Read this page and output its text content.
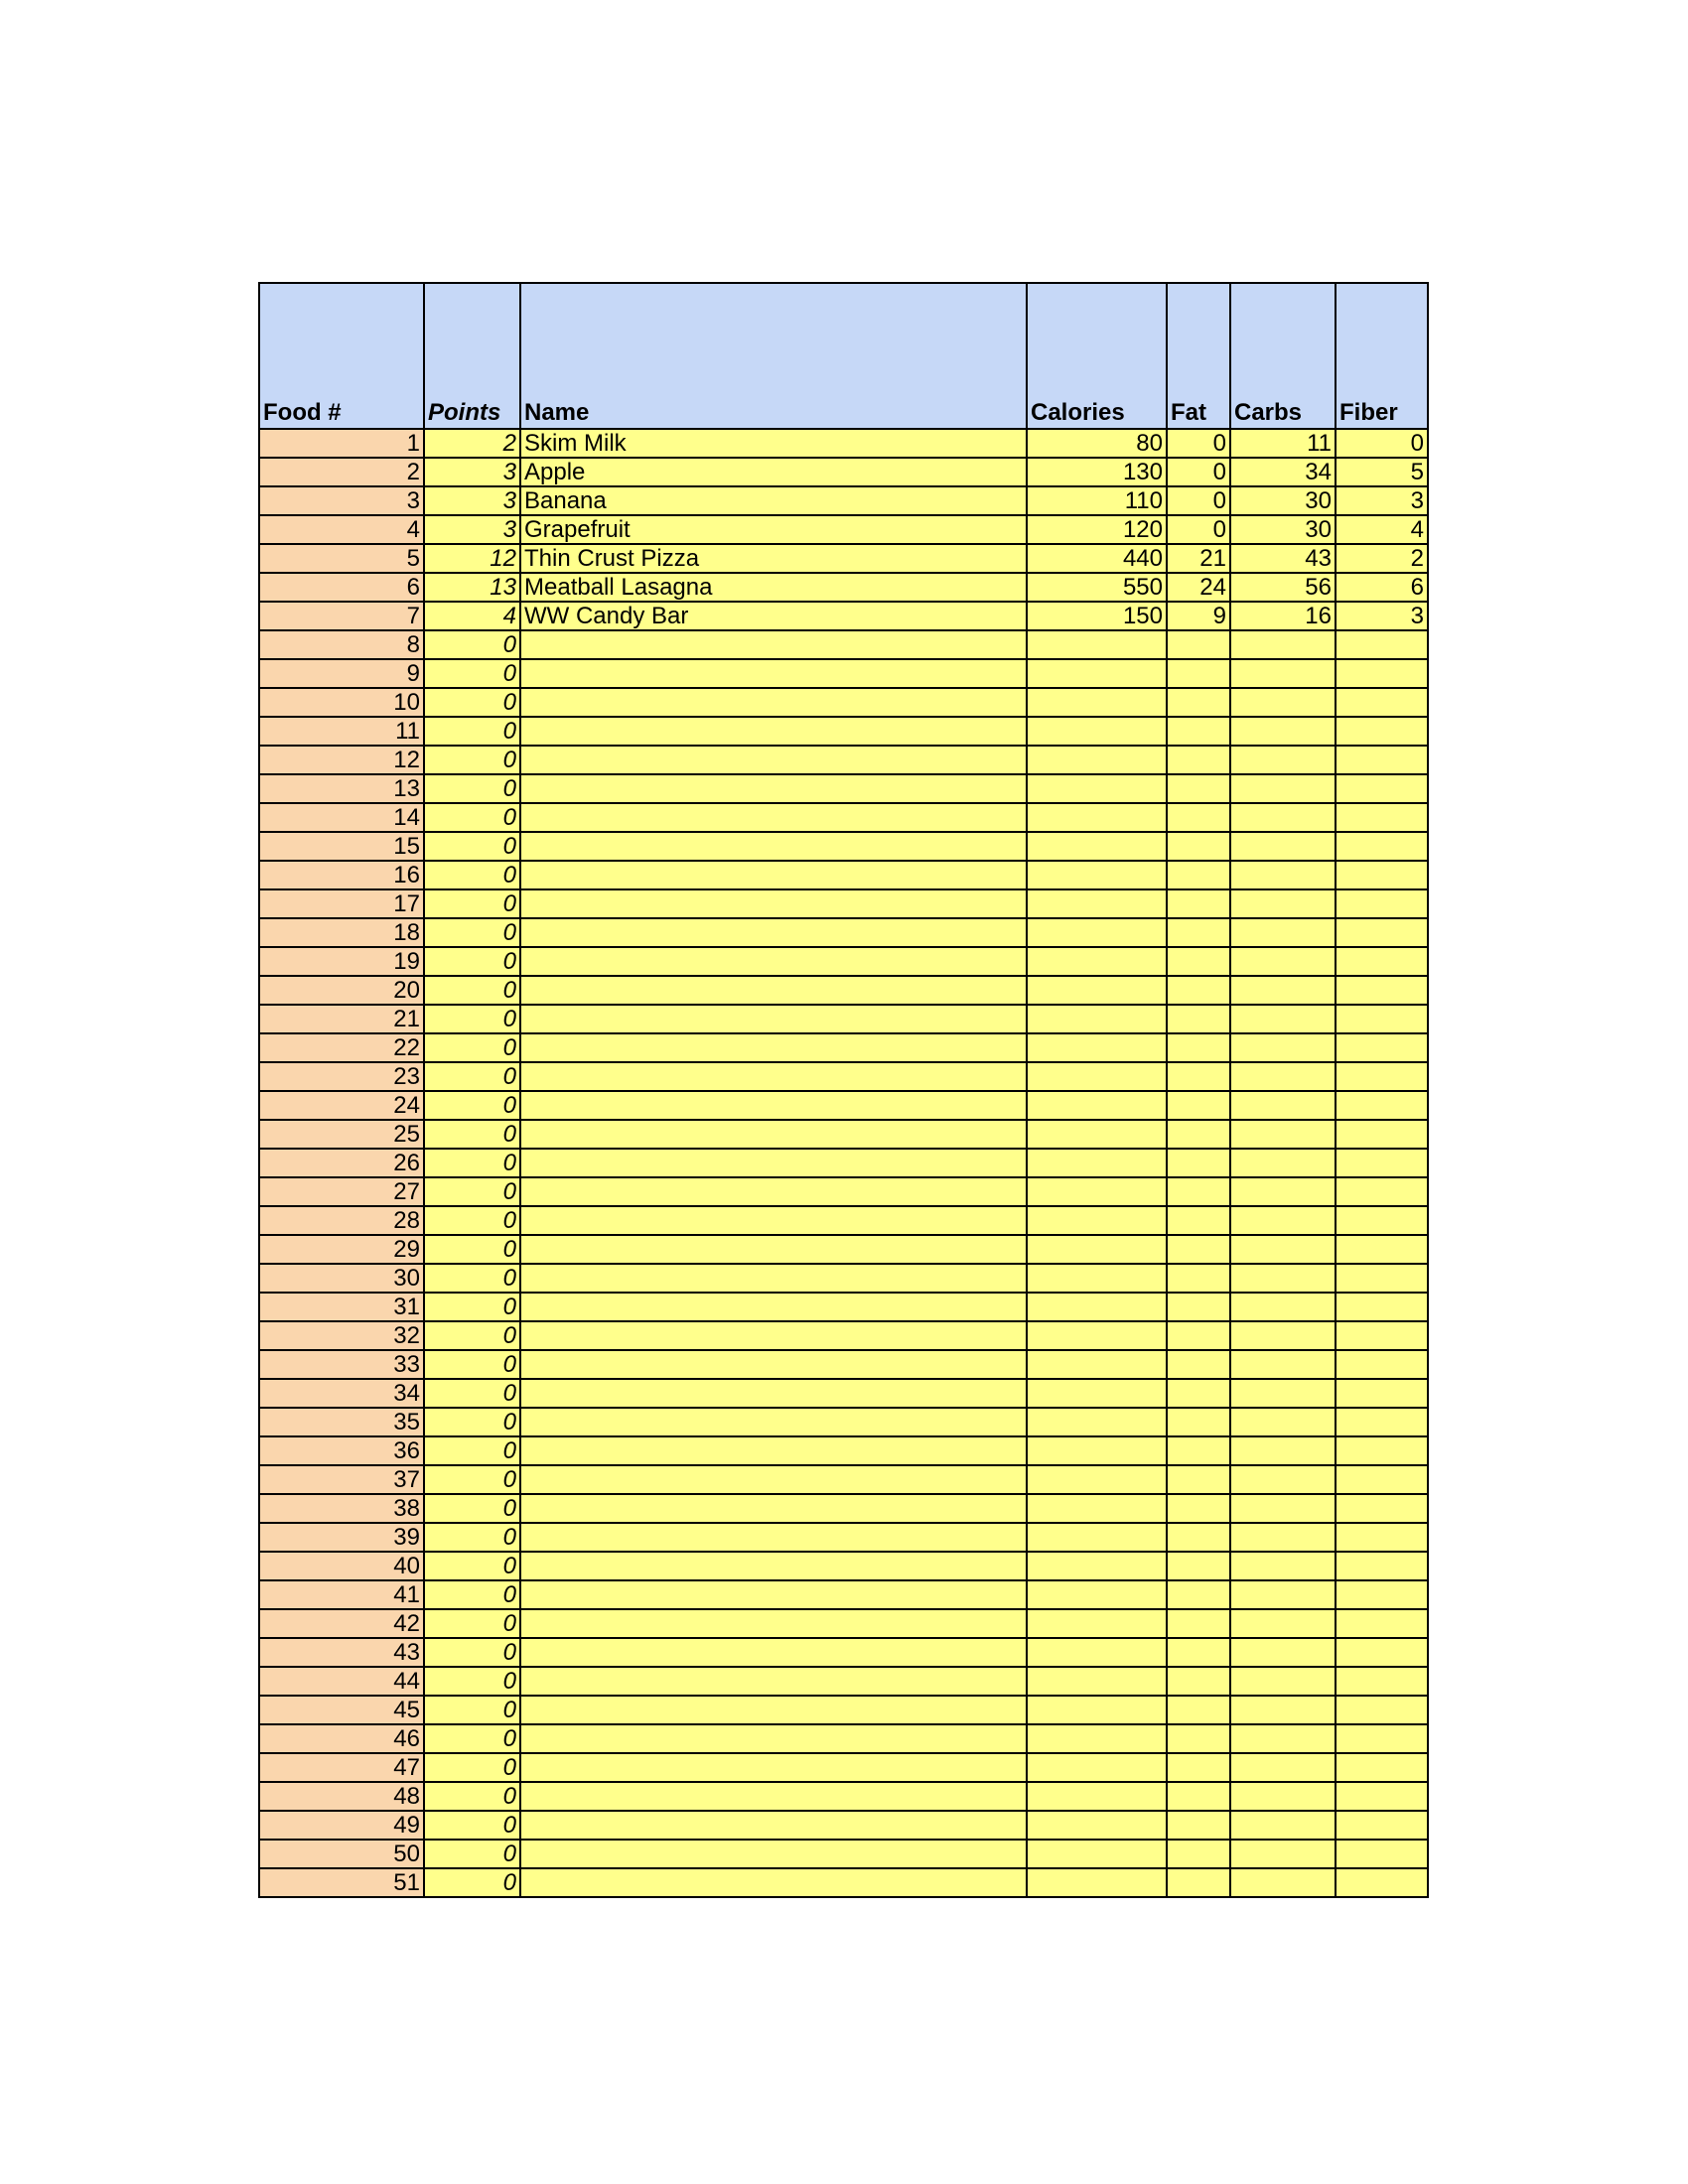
Food #	Points	Name	Calories	Fat	Carbs	Fiber
1	2	Skim Milk	80	0	11	0
2	3	Apple	130	0	34	5
3	3	Banana	110	0	30	3
4	3	Grapefruit	120	0	30	4
5	12	Thin Crust Pizza	440	21	43	2
6	13	Meatball Lasagna	550	24	56	6
7	4	WW Candy Bar	150	9	16	3
8	0					
9	0					
10	0					
11	0					
12	0					
13	0					
14	0					
15	0					
16	0					
17	0					
18	0					
19	0					
20	0					
21	0					
22	0					
23	0					
24	0					
25	0					
26	0					
27	0					
28	0					
29	0					
30	0					
31	0					
32	0					
33	0					
34	0					
35	0					
36	0					
37	0					
38	0					
39	0					
40	0					
41	0					
42	0					
43	0					
44	0					
45	0					
46	0					
47	0					
48	0					
49	0					
50	0					
51	0					
